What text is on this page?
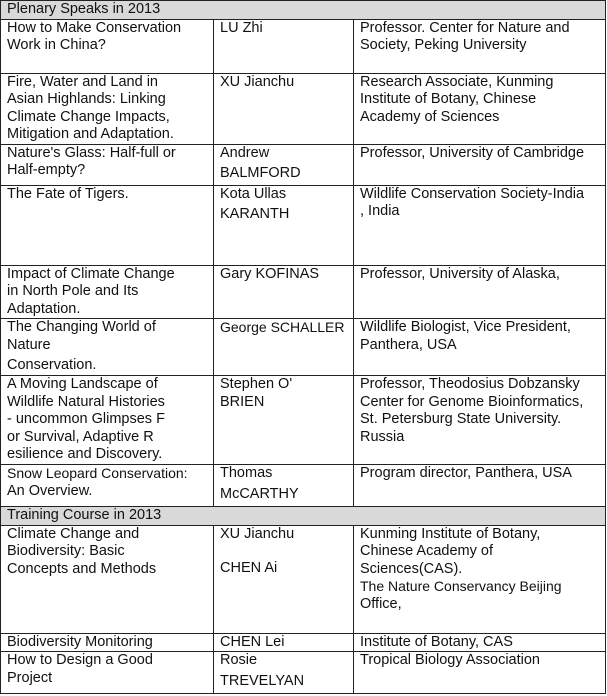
Plenary Speaks in 2013		

How to Make Conservation
Work in China?	LU Zhi	Professor. Center for Nature and
Society, Peking University

Fire, Water and Land in
Asian Highlands: Linking
Climate Change Impacts,
Mitigation and Adaptation.	XU Jianchu	Research Associate, Kunming
Institute of Botany, Chinese
Academy of Sciences

Nature's Glass: Half-full or
Half-empty?	Andrew
BALMFORD	Professor, University of Cambridge

The Fate of Tigers.	Kota Ullas
KARANTH	Wildlife Conservation Society-India
, India

Impact of Climate Change
in North Pole and Its
Adaptation.	Gary KOFINAS	Professor, University of Alaska,

The Changing World of
Nature
Conservation.	George SCHALLER	Wildlife Biologist, Vice President,
Panthera, USA

A Moving Landscape of
Wildlife Natural Histories
- uncommon Glimpses F
or Survival, Adaptive R
esilience and Discovery.	Stephen O'
BRIEN	Professor, Theodosius Dobzansky
Center for Genome Bioinformatics,
St. Petersburg State University.
Russia

Snow Leopard Conservation:
An Overview.	Thomas
McCARTHY	Program director, Panthera, USA

Training Course in 2013		

Climate Change and
Biodiversity: Basic
Concepts and Methods	XU Jianchu
CHEN Ai	Kunming Institute of Botany,
Chinese Academy of
Sciences(CAS).
The Nature Conservancy Beijing
Office,

Biodiversity Monitoring	CHEN Lei	Institute of Botany, CAS

How to Design a Good
Project	Rosie
TREVELYAN	Tropical Biology Association
